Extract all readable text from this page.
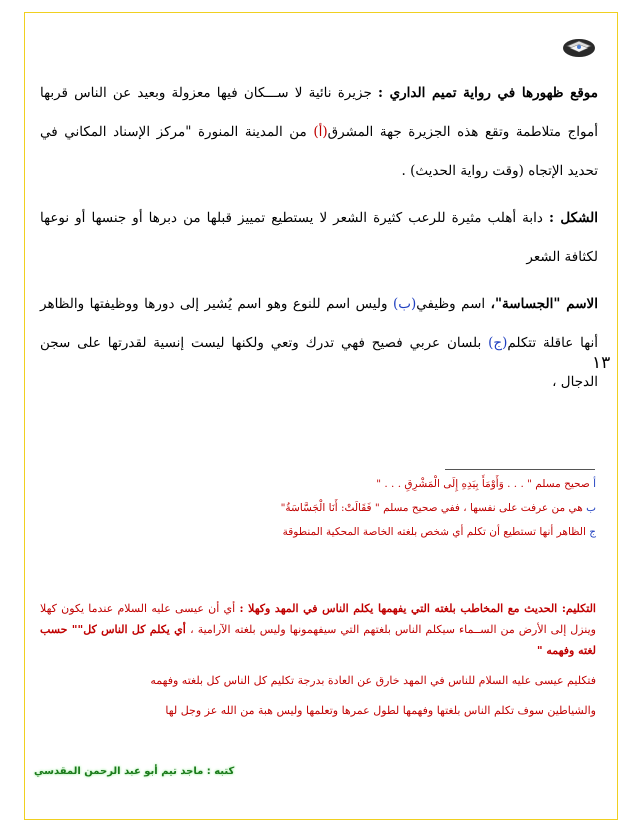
١٣

موقع ظهورها في رواية تميم الداري : جزيرة نائية لا ســـكان فيها معزولة وبعيد عن الناس قربها أمواج متلاطمة وتقع هذه الجزيرة جهة المشرق(أ) من المدينة المنورة "مركز الإسناد المكاني في تحديد الإتجاه (وقت رواية الحديث) .

الشكل : دابة أهلب مثيرة للرعب كثيرة الشعر لا يستطيع تمييز قبلها من دبرها أو جنسها أو نوعها لكثافة الشعر

الاسم "الجساسة"، اسم وظيفي(ب) وليس اسم للنوع وهو اسم يُشير إلى دورها ووظيفتها والظاهر أنها عاقلة تتكلم(ج) بلسان عربي فصيح فهي تدرك وتعي ولكنها ليست إنسية لقدرتها على سجن الدجال ،

أ صحيح مسلم " . . . وَأَوْمَأَ بِيَدِهِ إِلَى الْمَشْرِقِ . . . "

ب هي من عرفت على نفسها ، ففي صحيح مسلم " فَقَالَتْ: أَنَا الْجَسَّاسَةُ"

ج الظاهر أنها تستطيع أن تكلم أي شخص بلغته الخاصة المحكية المنطوقة

التكليم: الحديث مع المخاطب بلغته التي يفهمها يكلم الناس في المهد وكهلا : أي أن عيسى عليه السلام عندما يكون كهلا وينزل إلى الأرض من الســماء سيكلم الناس بلغتهم التي سيفهمونها وليس بلغته الآرامية ، أي يكلم كل الناس كل"" حسب لغته وفهمه "

فتكليم عيسى عليه السلام للناس في المهد خارق عن العادة بدرجة تكليم كل الناس كل بلغته وفهمه

والشياطين سوف تكلم الناس بلغتها وفهمها لطول عمرها وتعلمها وليس هبة من الله عز وجل لها

كتبه : ماجد تيم أبو عبد الرحمن المقدسي
